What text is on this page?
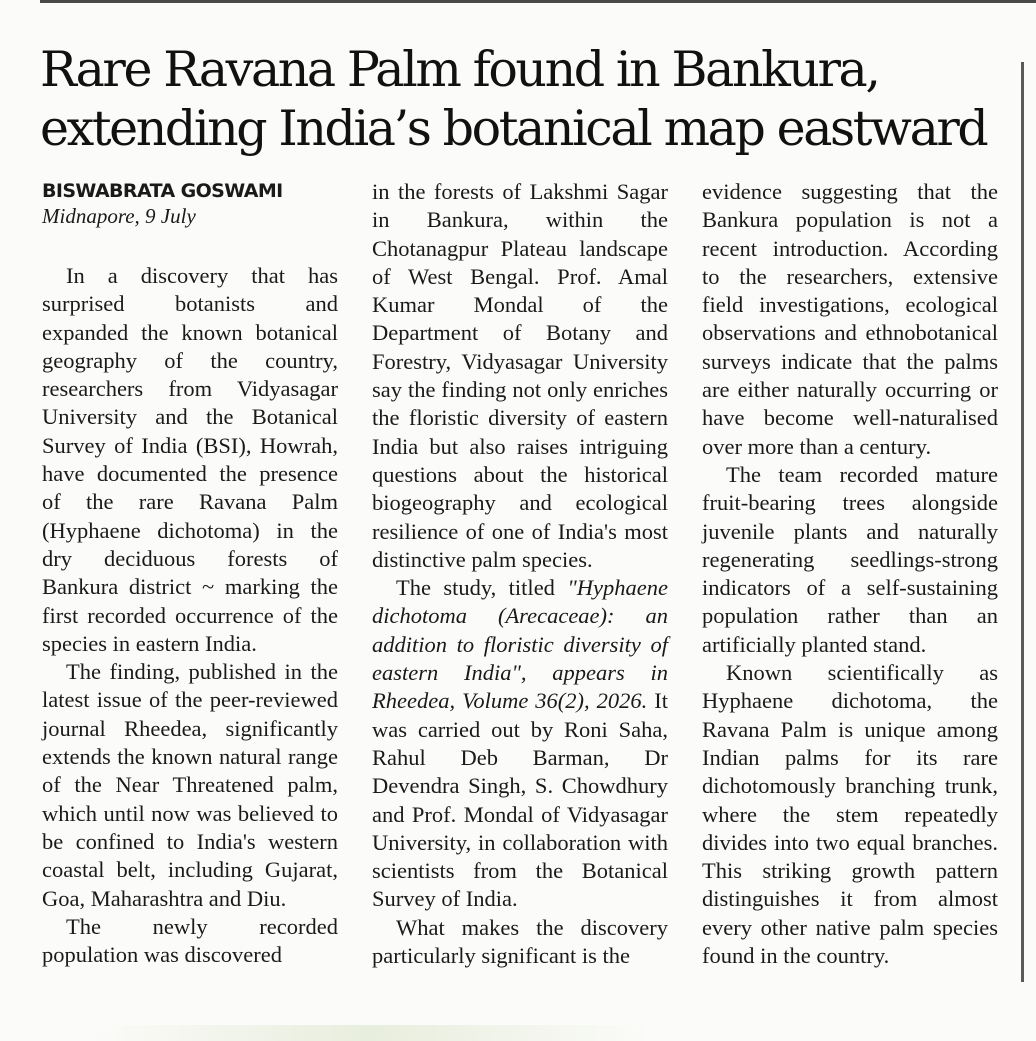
Rare Ravana Palm found in Bankura, extending India’s botanical map eastward
BISWABRATA GOSWAMI
Midnapore, 9 July

In a discovery that has surprised botanists and expanded the known botanical geography of the country, researchers from Vidyasagar University and the Botanical Survey of India (BSI), Howrah, have documented the presence of the rare Ravana Palm (Hyphaene dichotoma) in the dry deciduous forests of Bankura district ~ marking the first recorded occurrence of the species in eastern India.

The finding, published in the latest issue of the peer-reviewed journal Rheedea, significantly extends the known natural range of the Near Threatened palm, which until now was believed to be confined to India's western coastal belt, including Gujarat, Goa, Maharashtra and Diu.

The newly recorded population was discovered

in the forests of Lakshmi Sagar in Bankura, within the Chotanagpur Plateau landscape of West Bengal. Prof. Amal Kumar Mondal of the Department of Botany and Forestry, Vidyasagar University say the finding not only enriches the floristic diversity of eastern India but also raises intriguing questions about the historical biogeography and ecological resilience of one of India's most distinctive palm species.

The study, titled "Hyphaene dichotoma (Arecaceae): an addition to floristic diversity of eastern India", appears in Rheedea, Volume 36(2), 2026. It was carried out by Roni Saha, Rahul Deb Barman, Dr Devendra Singh, S. Chowdhury and Prof. Mondal of Vidyasagar University, in collaboration with scientists from the Botanical Survey of India.

What makes the discovery particularly significant is the

evidence suggesting that the Bankura population is not a recent introduction. According to the researchers, extensive field investigations, ecological observations and ethnobotanical surveys indicate that the palms are either naturally occurring or have become well-naturalised over more than a century.

The team recorded mature fruit-bearing trees alongside juvenile plants and naturally regenerating seedlings-strong indicators of a self-sustaining population rather than an artificially planted stand.

Known scientifically as Hyphaene dichotoma, the Ravana Palm is unique among Indian palms for its rare dichotomously branching trunk, where the stem repeatedly divides into two equal branches. This striking growth pattern distinguishes it from almost every other native palm species found in the country.
